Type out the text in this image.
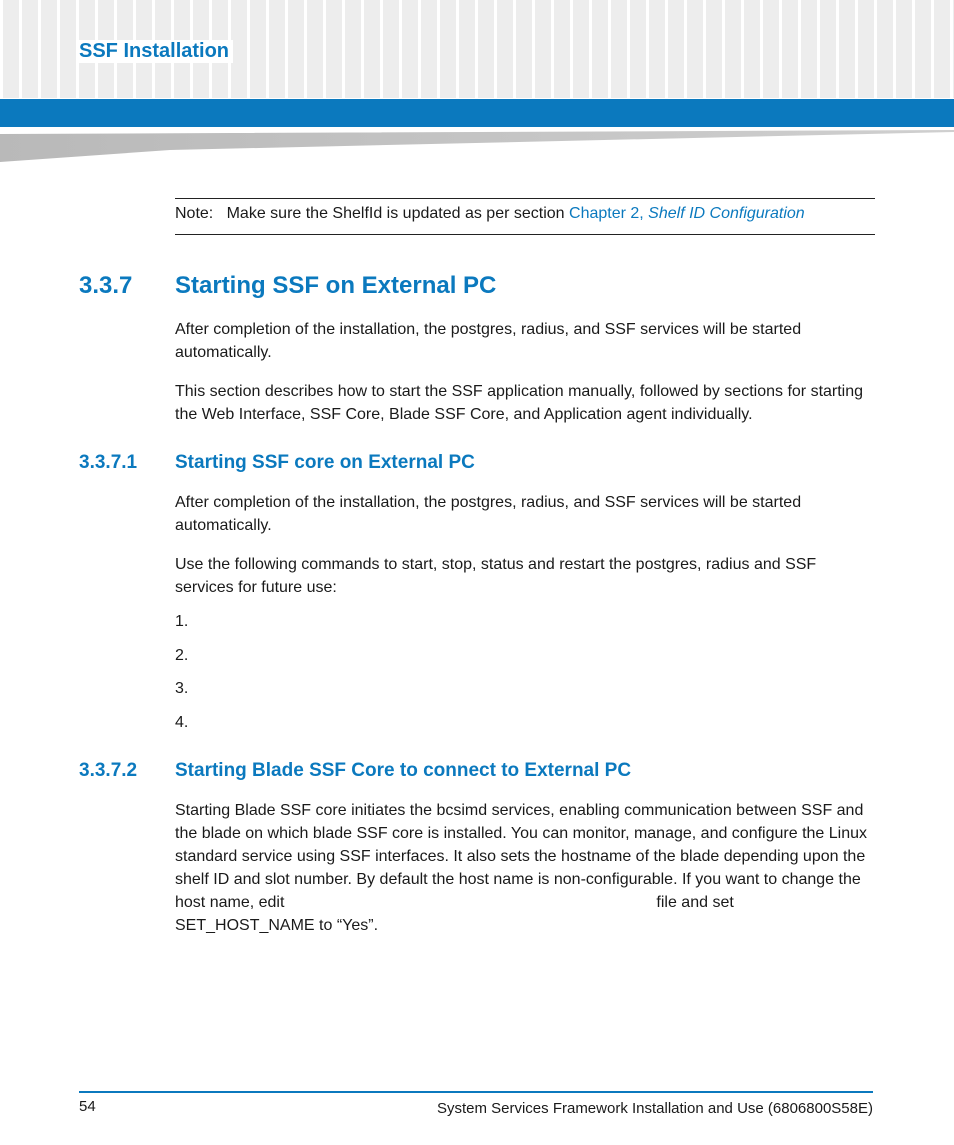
SSF Installation
Note: Make sure the ShelfId is updated as per section Chapter 2, Shelf ID Configuration
3.3.7 Starting SSF on External PC
After completion of the installation, the postgres, radius, and SSF services will be started automatically.
This section describes how to start the SSF application manually, followed by sections for starting the Web Interface, SSF Core, Blade SSF Core, and Application agent individually.
3.3.7.1 Starting SSF core on External PC
After completion of the installation, the postgres, radius, and SSF services will be started automatically.
Use the following commands to start, stop, status and restart the postgres, radius and SSF services for future use:
1.
2.
3.
4.
3.3.7.2 Starting Blade SSF Core to connect to External PC
Starting Blade SSF core initiates the bcsimd services, enabling communication between SSF and the blade on which blade SSF core is installed. You can monitor, manage, and configure the Linux standard service using SSF interfaces. It also sets the hostname of the blade depending upon the shelf ID and slot number. By default the host name is non-configurable. If you want to change the host name, edit	file and set
SET_HOST_NAME to “Yes”.
54	System Services Framework Installation and Use (6806800S58E)
